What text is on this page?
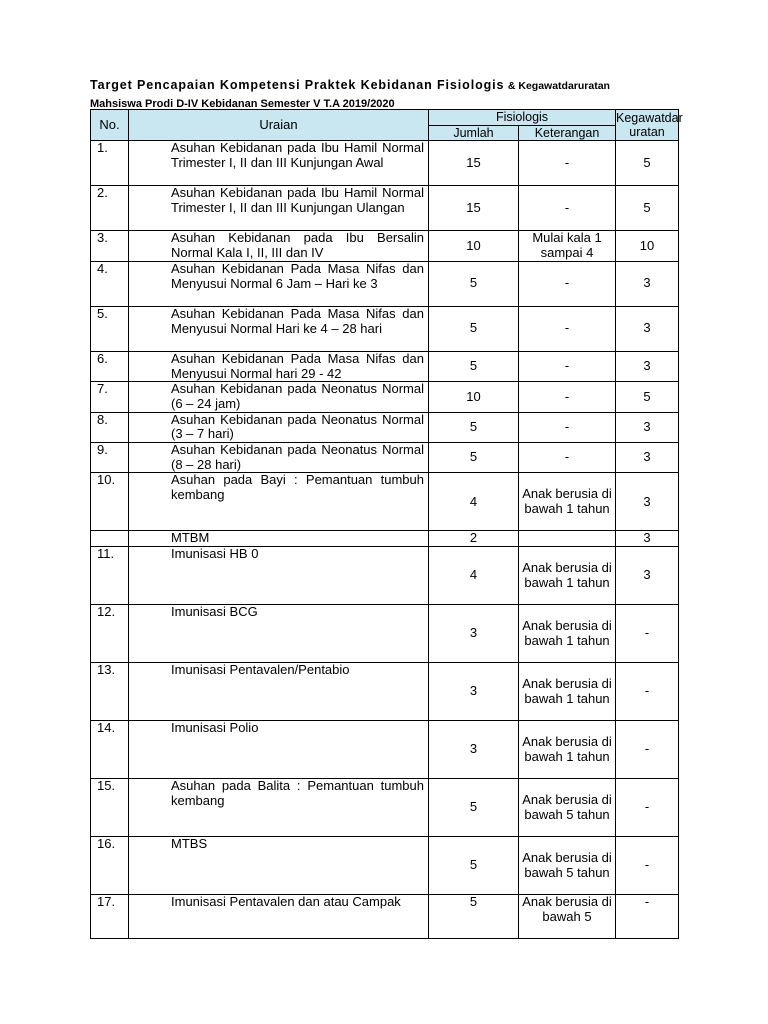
Target Pencapaian Kompetensi Praktek Kebidanan Fisiologis & Kegawatdaruratan
Mahsiswa Prodi D-IV Kebidanan Semester V T.A 2019/2020
No.	Uraian	Fisiologis		Kegawatdar
uratan
		Jumlah	Keterangan	
1.	Asuhan Kebidanan pada Ibu Hamil Normal Trimester I, II dan III Kunjungan Awal	15	-	5
2.	Asuhan Kebidanan pada Ibu Hamil Normal Trimester I, II dan III Kunjungan Ulangan	15	-	5
3.	Asuhan Kebidanan pada Ibu Bersalin Normal Kala I, II, III dan IV	10	Mulai kala 1 sampai 4	10
4.	Asuhan Kebidanan Pada Masa Nifas dan Menyusui Normal 6 Jam – Hari ke 3	5	-	3
5.	Asuhan Kebidanan Pada Masa Nifas dan Menyusui Normal Hari ke 4 – 28 hari	5	-	3
6.	Asuhan Kebidanan Pada Masa Nifas dan Menyusui Normal hari 29 - 42	5	-	3
7.	Asuhan Kebidanan pada Neonatus Normal (6 – 24 jam)	10	-	5
8.	Asuhan Kebidanan pada Neonatus Normal (3 – 7 hari)	5	-	3
9.	Asuhan Kebidanan pada Neonatus Normal (8 – 28 hari)	5	-	3
10.	Asuhan pada Bayi : Pemantuan tumbuh kembang	4	Anak berusia di bawah 1 tahun	3
	MTBM	2		3
11.	Imunisasi HB 0	4	Anak berusia di bawah 1 tahun	3
12.	Imunisasi BCG	3	Anak berusia di bawah 1 tahun	-
13.	Imunisasi Pentavalen/Pentabio	3	Anak berusia di bawah 1 tahun	-
14.	Imunisasi Polio	3	Anak berusia di bawah 1 tahun	-
15.	Asuhan pada Balita : Pemantuan tumbuh kembang	5	Anak berusia di bawah 5 tahun	-
16.	MTBS	5	Anak berusia di bawah 5 tahun	-
17.	Imunisasi Pentavalen dan atau Campak	5	Anak berusia di bawah 5	-
